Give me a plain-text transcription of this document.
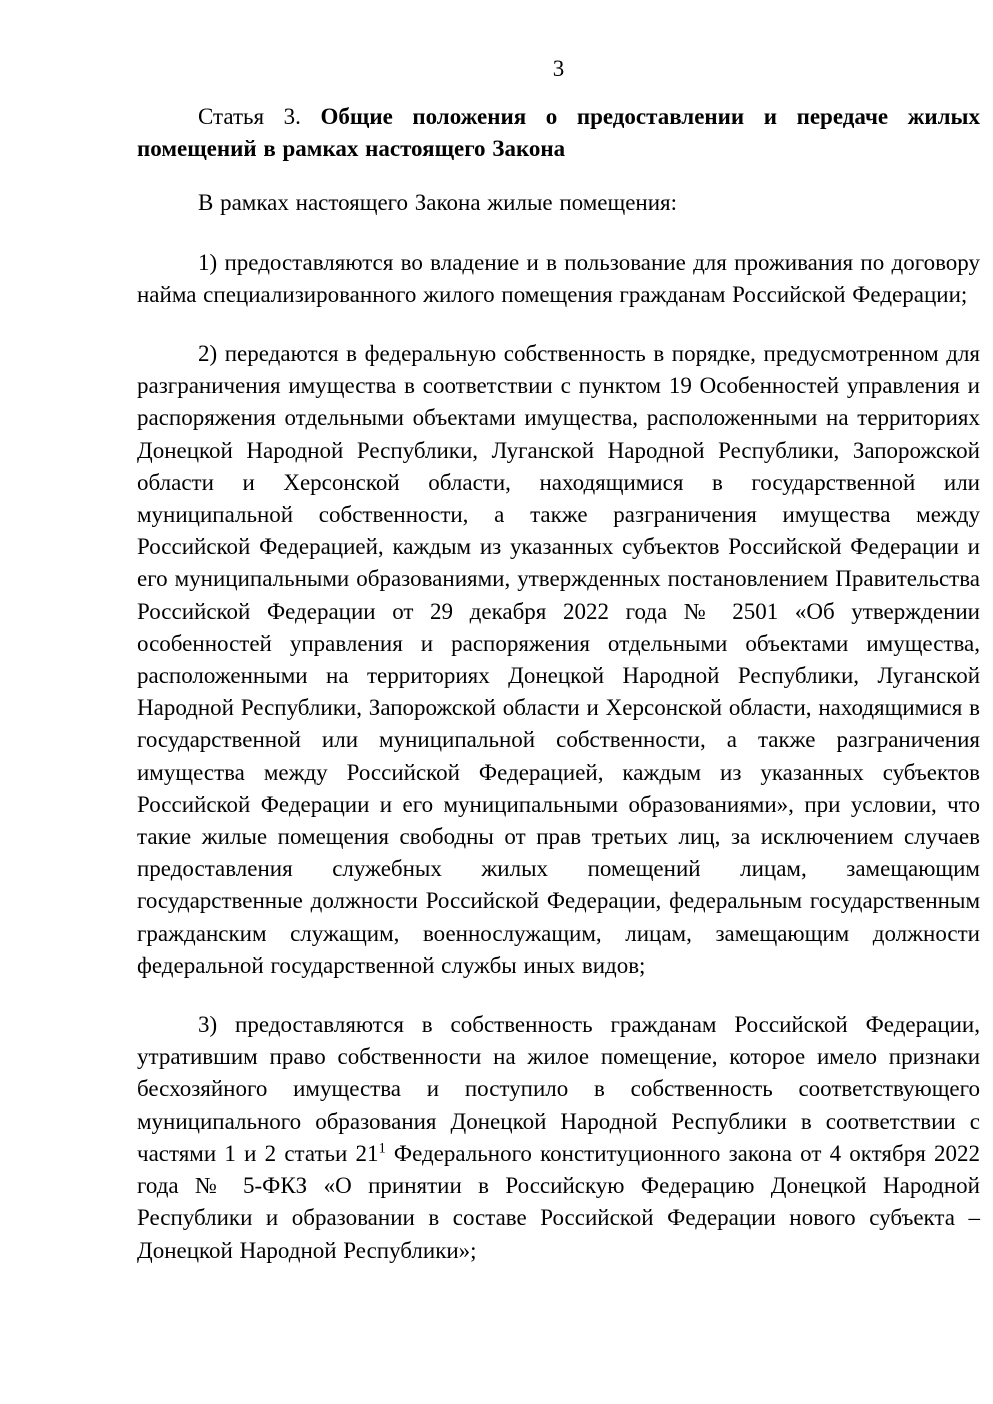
3

Статья 3. Общие положения о предоставлении и передаче жилых помещений в рамках настоящего Закона

В рамках настоящего Закона жилые помещения:

1) предоставляются во владение и в пользование для проживания по договору найма специализированного жилого помещения гражданам Российской Федерации;

2) передаются в федеральную собственность в порядке, предусмотренном для разграничения имущества в соответствии с пунктом 19 Особенностей управления и распоряжения отдельными объектами имущества, расположенными на территориях Донецкой Народной Республики, Луганской Народной Республики, Запорожской области и Херсонской области, находящимися в государственной или муниципальной собственности, а также разграничения имущества между Российской Федерацией, каждым из указанных субъектов Российской Федерации и его муниципальными образованиями, утвержденных постановлением Правительства Российской Федерации от 29 декабря 2022 года № 2501 «Об утверждении особенностей управления и распоряжения отдельными объектами имущества, расположенными на территориях Донецкой Народной Республики, Луганской Народной Республики, Запорожской области и Херсонской области, находящимися в государственной или муниципальной собственности, а также разграничения имущества между Российской Федерацией, каждым из указанных субъектов Российской Федерации и его муниципальными образованиями», при условии, что такие жилые помещения свободны от прав третьих лиц, за исключением случаев предоставления служебных жилых помещений лицам, замещающим государственные должности Российской Федерации, федеральным государственным гражданским служащим, военнослужащим, лицам, замещающим должности федеральной государственной службы иных видов;

3) предоставляются в собственность гражданам Российской Федерации, утратившим право собственности на жилое помещение, которое имело признаки бесхозяйного имущества и поступило в собственность соответствующего муниципального образования Донецкой Народной Республики в соответствии с частями 1 и 2 статьи $21^1$ Федерального конституционного закона от 4 октября 2022 года № 5-ФКЗ «О принятии в Российскую Федерацию Донецкой Народной Республики и образовании в составе Российской Федерации нового субъекта – Донецкой Народной Республики»;
